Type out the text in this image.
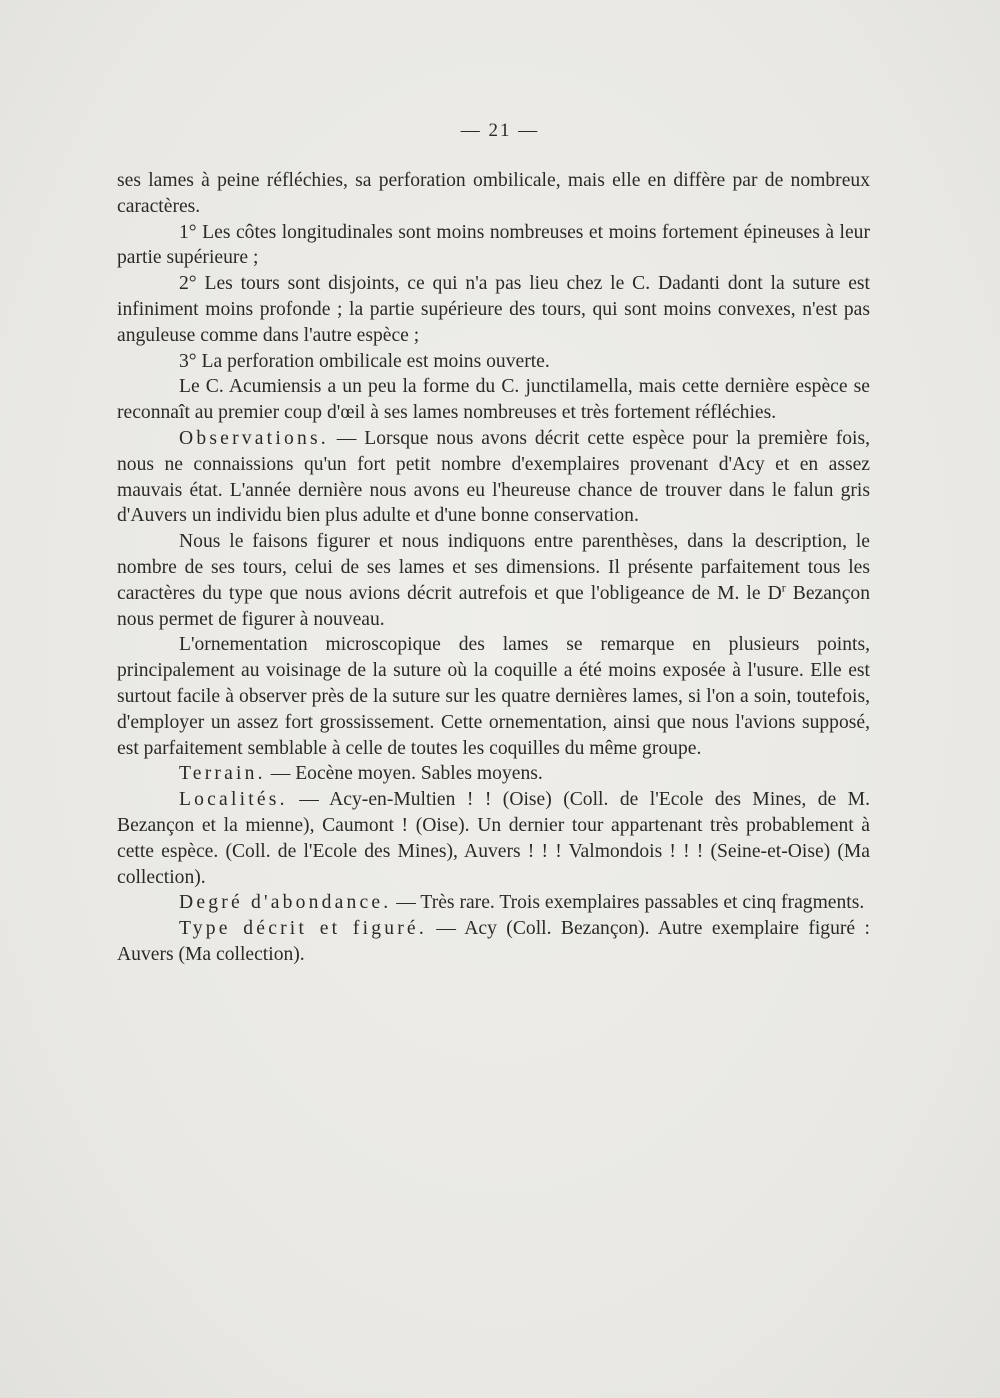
— 21 —

ses lames à peine réfléchies, sa perforation ombilicale, mais elle en diffère par de nombreux caractères.

1° Les côtes longitudinales sont moins nombreuses et moins fortement épineuses à leur partie supérieure ;

2° Les tours sont disjoints, ce qui n'a pas lieu chez le C. Dadanti dont la suture est infiniment moins profonde ; la partie supérieure des tours, qui sont moins convexes, n'est pas anguleuse comme dans l'autre espèce ;

3° La perforation ombilicale est moins ouverte.

Le C. Acumiensis a un peu la forme du C. junctilamella, mais cette dernière espèce se reconnaît au premier coup d'œil à ses lames nombreuses et très fortement réfléchies.

Observations. — Lorsque nous avons décrit cette espèce pour la première fois, nous ne connaissions qu'un fort petit nombre d'exemplaires provenant d'Acy et en assez mauvais état. L'année dernière nous avons eu l'heureuse chance de trouver dans le falun gris d'Auvers un individu bien plus adulte et d'une bonne conservation.

Nous le faisons figurer et nous indiquons entre parenthèses, dans la description, le nombre de ses tours, celui de ses lames et ses dimensions. Il présente parfaitement tous les caractères du type que nous avions décrit autrefois et que l'obligeance de M. le $D^r$ Bezançon nous permet de figurer à nouveau.

L'ornementation microscopique des lames se remarque en plusieurs points, principalement au voisinage de la suture où la coquille a été moins exposée à l'usure. Elle est surtout facile à observer près de la suture sur les quatre dernières lames, si l'on a soin, toutefois, d'employer un assez fort grossissement. Cette ornementation, ainsi que nous l'avions supposé, est parfaitement semblable à celle de toutes les coquilles du même groupe.

Terrain. — Eocène moyen. Sables moyens.

Localités. — Acy-en-Multien ! ! (Oise) (Coll. de l'Ecole des Mines, de M. Bezançon et la mienne), Caumont ! (Oise). Un dernier tour appartenant très probablement à cette espèce. (Coll. de l'Ecole des Mines), Auvers ! ! ! Valmondois ! ! ! (Seine-et-Oise) (Ma collection).

Degré d'abondance. — Très rare. Trois exemplaires passables et cinq fragments.

Type décrit et figuré. — Acy (Coll. Bezançon). Autre exemplaire figuré : Auvers (Ma collection).
